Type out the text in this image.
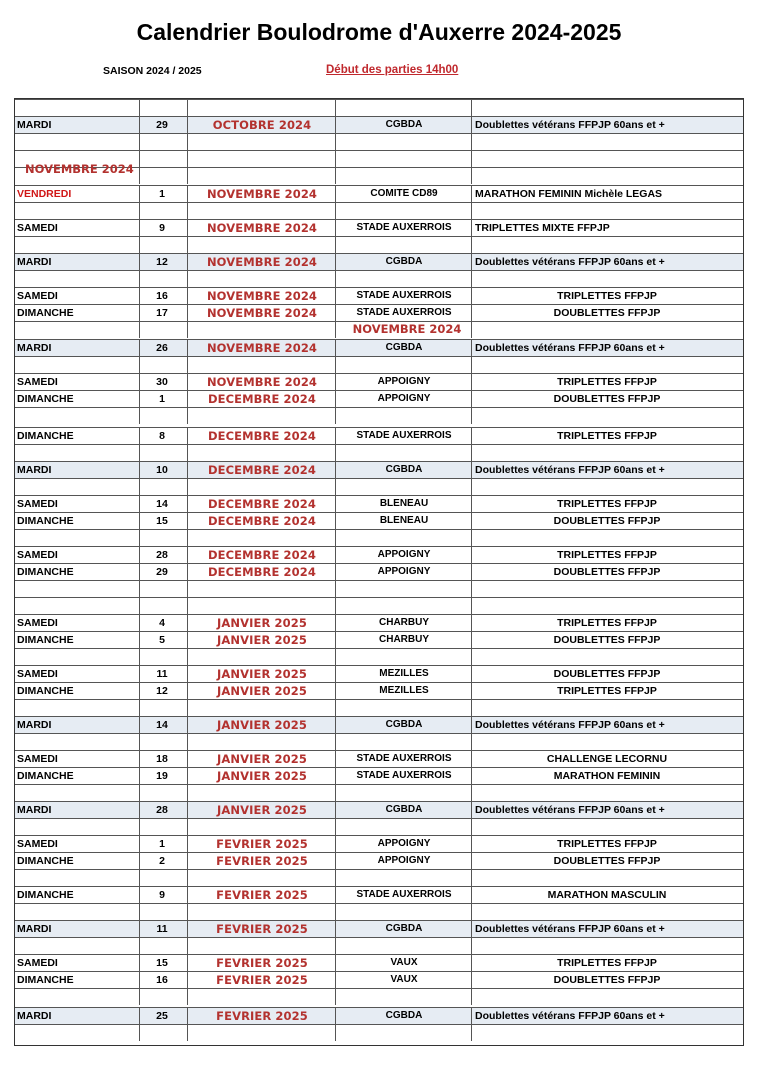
Calendrier Boulodrome d'Auxerre 2024-2025
SAISON 2024 / 2025	Début des parties 14h00
NOVEMBRE 2024
NOVEMBRE 2024
MARDI	29	OCTOBRE 2024	CGBDA	Doublettes vétérans FFPJP 60ans et +
VENDREDI	1	NOVEMBRE 2024	COMITE CD89	MARATHON FEMININ Michèle LEGAS
SAMEDI	9	NOVEMBRE 2024	STADE AUXERROIS	TRIPLETTES MIXTE FFPJP
MARDI	12	NOVEMBRE 2024	CGBDA	Doublettes vétérans FFPJP 60ans et +
SAMEDI	16	NOVEMBRE 2024	STADE AUXERROIS	TRIPLETTES FFPJP
DIMANCHE	17	NOVEMBRE 2024	STADE AUXERROIS	DOUBLETTES FFPJP
MARDI	26	NOVEMBRE 2024	CGBDA	Doublettes vétérans FFPJP 60ans et +
SAMEDI	30	NOVEMBRE 2024	APPOIGNY	TRIPLETTES FFPJP
DIMANCHE	1	DECEMBRE 2024	APPOIGNY	DOUBLETTES FFPJP
DIMANCHE	8	DECEMBRE 2024	STADE AUXERROIS	TRIPLETTES FFPJP
MARDI	10	DECEMBRE 2024	CGBDA	Doublettes vétérans FFPJP 60ans et +
SAMEDI	14	DECEMBRE 2024	BLENEAU	TRIPLETTES FFPJP
DIMANCHE	15	DECEMBRE 2024	BLENEAU	DOUBLETTES FFPJP
SAMEDI	28	DECEMBRE 2024	APPOIGNY	TRIPLETTES FFPJP
DIMANCHE	29	DECEMBRE 2024	APPOIGNY	DOUBLETTES FFPJP
SAMEDI	4	JANVIER 2025	CHARBUY	TRIPLETTES FFPJP
DIMANCHE	5	JANVIER 2025	CHARBUY	DOUBLETTES FFPJP
SAMEDI	11	JANVIER 2025	MEZILLES	DOUBLETTES FFPJP
DIMANCHE	12	JANVIER 2025	MEZILLES	TRIPLETTES FFPJP
MARDI	14	JANVIER 2025	CGBDA	Doublettes vétérans FFPJP 60ans et +
SAMEDI	18	JANVIER 2025	STADE AUXERROIS	CHALLENGE LECORNU
DIMANCHE	19	JANVIER 2025	STADE AUXERROIS	MARATHON FEMININ
MARDI	28	JANVIER 2025	CGBDA	Doublettes vétérans FFPJP 60ans et +
SAMEDI	1	FEVRIER 2025	APPOIGNY	TRIPLETTES FFPJP
DIMANCHE	2	FEVRIER 2025	APPOIGNY	DOUBLETTES FFPJP
DIMANCHE	9	FEVRIER 2025	STADE AUXERROIS	MARATHON MASCULIN
MARDI	11	FEVRIER 2025	CGBDA	Doublettes vétérans FFPJP 60ans et +
SAMEDI	15	FEVRIER 2025	VAUX	TRIPLETTES FFPJP
DIMANCHE	16	FEVRIER 2025	VAUX	DOUBLETTES FFPJP
MARDI	25	FEVRIER 2025	CGBDA	Doublettes vétérans FFPJP 60ans et +
